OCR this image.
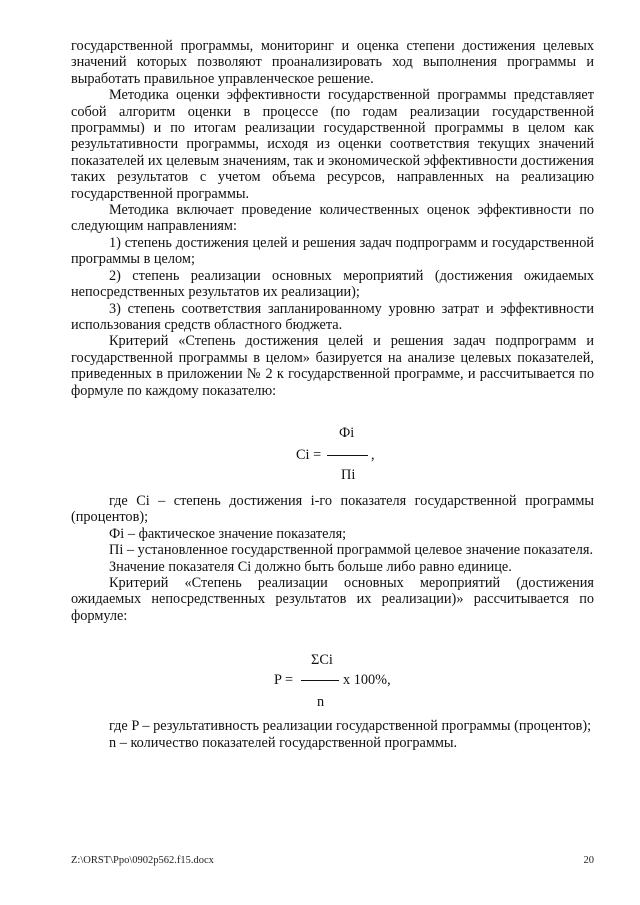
государственной программы, мониторинг и оценка степени достижения целевых значений которых позволяют проанализировать ход выполнения программы и выработать правильное управленческое решение.

Методика оценки эффективности государственной программы представляет собой алгоритм оценки в процессе (по годам реализации государственной программы) и по итогам реализации государственной программы в целом как результативности программы, исходя из оценки соответствия текущих значений показателей их целевым значениям, так и экономической эффективности достижения таких результатов с учетом объема ресурсов, направленных на реализацию государственной программы.

Методика включает проведение количественных оценок эффективности по следующим направлениям:

1) степень достижения целей и решения задач подпрограмм и государственной программы в целом;

2) степень реализации основных мероприятий (достижения ожидаемых непосредственных результатов их реализации);

3) степень соответствия запланированному уровню затрат и эффективности использования средств областного бюджета.

Критерий «Степень достижения целей и решения задач подпрограмм и государственной программы в целом» базируется на анализе целевых показателей, приведенных в приложении № 2 к государственной программе, и рассчитывается по формуле по каждому показателю:

Фi
Ci =	,
Пi

где Ci – степень достижения i-го показателя государственной программы (процентов);

Фi – фактическое значение показателя;

Пi – установленное государственной программой целевое значение показателя.

Значение показателя Ci должно быть больше либо равно единице.

Критерий «Степень реализации основных мероприятий (достижения ожидаемых непосредственных результатов их реализации)» рассчитывается по формуле:

ΣCi
P =	x 100%,
n

где P – результативность реализации государственной программы (процентов);

n – количество показателей государственной программы.

Z:\ORST\Ppo\0902p562.f15.docx	20
